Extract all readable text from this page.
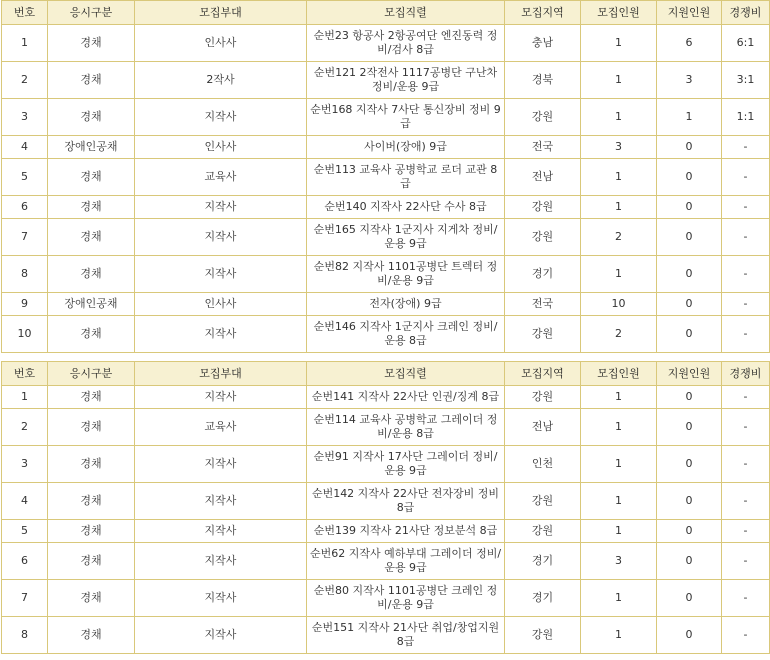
번호	응시구분	모집부대	모집직렬	모집지역	모집인원	지원인원	경쟁비
1	경채	인사사	순번23 항공사 2항공여단 엔진동력 정비/검사 8급	충남	1	6	6:1
2	경채	2작사	순번121 2작전사 1117공병단 구난차 정비/운용 9급	경북	1	3	3:1
3	경채	지작사	순번168 지작사 7사단 통신장비 정비 9급	강원	1	1	1:1
4	장애인공채	인사사	사이버(장애) 9급	전국	3	0	-
5	경채	교육사	순번113 교육사 공병학교 로더 교관 8급	전남	1	0	-
6	경채	지작사	순번140 지작사 22사단 수사 8급	강원	1	0	-
7	경채	지작사	순번165 지작사 1군지사 지게차 정비/운용 9급	강원	2	0	-
8	경채	지작사	순번82 지작사 1101공병단 트렉터 정비/운용 9급	경기	1	0	-
9	장애인공채	인사사	전자(장애) 9급	전국	10	0	-
10	경채	지작사	순번146 지작사 1군지사 크레인 정비/운용 8급	강원	2	0	-
번호	응시구분	모집부대	모집직렬	모집지역	모집인원	지원인원	경쟁비
1	경채	지작사	순번141 지작사 22사단 인권/징계 8급	강원	1	0	-
2	경채	교육사	순번114 교육사 공병학교 그레이더 정비/운용 8급	전남	1	0	-
3	경채	지작사	순번91 지작사 17사단 그레이더 정비/운용 9급	인천	1	0	-
4	경채	지작사	순번142 지작사 22사단 전자장비 정비 8급	강원	1	0	-
5	경채	지작사	순번139 지작사 21사단 정보분석 8급	강원	1	0	-
6	경채	지작사	순번62 지작사 예하부대 그레이더 정비/운용 9급	경기	3	0	-
7	경채	지작사	순번80 지작사 1101공병단 크레인 정비/운용 9급	경기	1	0	-
8	경채	지작사	순번151 지작사 21사단 취업/창업지원 8급	강원	1	0	-
